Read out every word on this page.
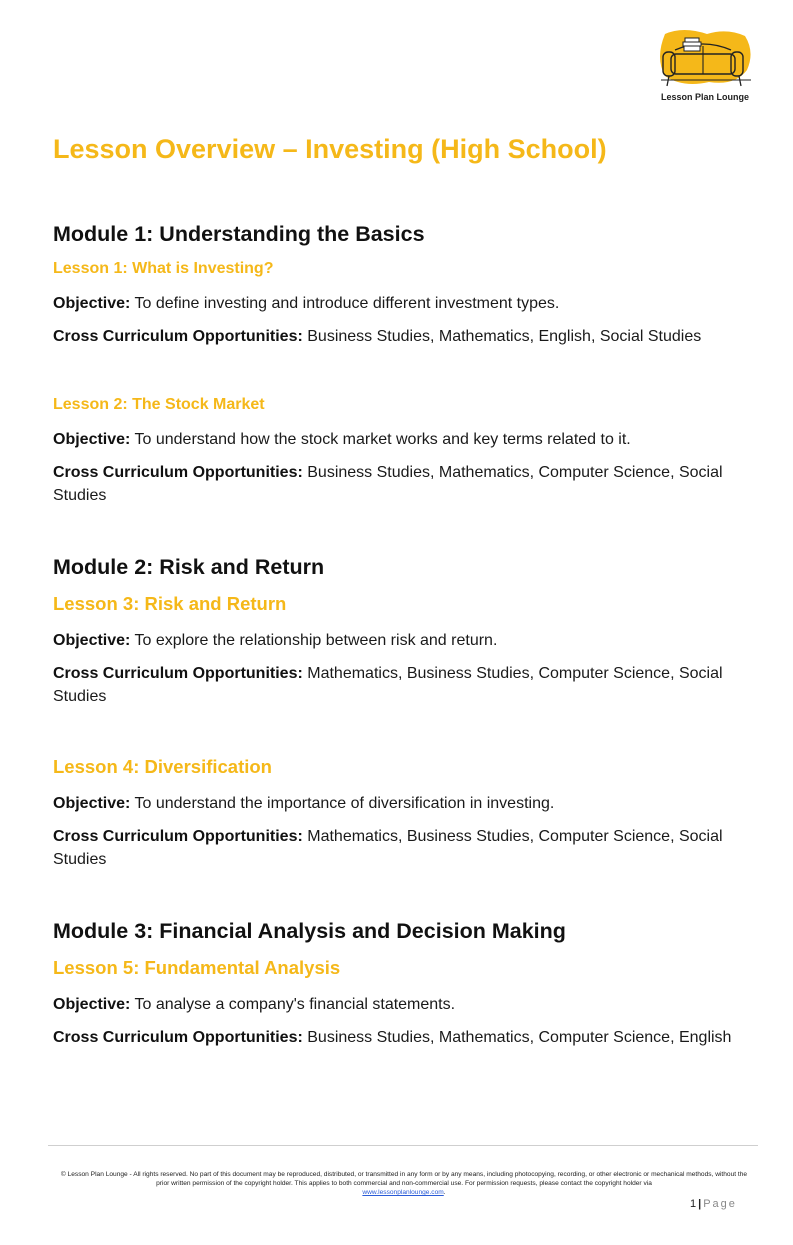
Lesson Plan Lounge
Lesson Overview – Investing (High School)
Module 1: Understanding the Basics
Lesson 1: What is Investing?

Objective: To define investing and introduce different investment types.

Cross Curriculum Opportunities: Business Studies, Mathematics, English, Social Studies

Lesson 2: The Stock Market

Objective: To understand how the stock market works and key terms related to it.

Cross Curriculum Opportunities: Business Studies, Mathematics, Computer Science, Social Studies

Module 2: Risk and Return
Lesson 3: Risk and Return

Objective: To explore the relationship between risk and return.

Cross Curriculum Opportunities: Mathematics, Business Studies, Computer Science, Social Studies

Lesson 4: Diversification

Objective: To understand the importance of diversification in investing.

Cross Curriculum Opportunities: Mathematics, Business Studies, Computer Science, Social Studies

Module 3: Financial Analysis and Decision Making
Lesson 5: Fundamental Analysis

Objective: To analyse a company's financial statements.

Cross Curriculum Opportunities: Business Studies, Mathematics, Computer Science, English

© Lesson Plan Lounge - All rights reserved. No part of this document may be reproduced, distributed, or transmitted in any form or by any means, including photocopying, recording, or other electronic or mechanical methods, without the prior written permission of the copyright holder. This applies to both commercial and non-commercial use. For permission requests, please contact the copyright holder via
www.lessonplanlounge.com.
1 | Page
